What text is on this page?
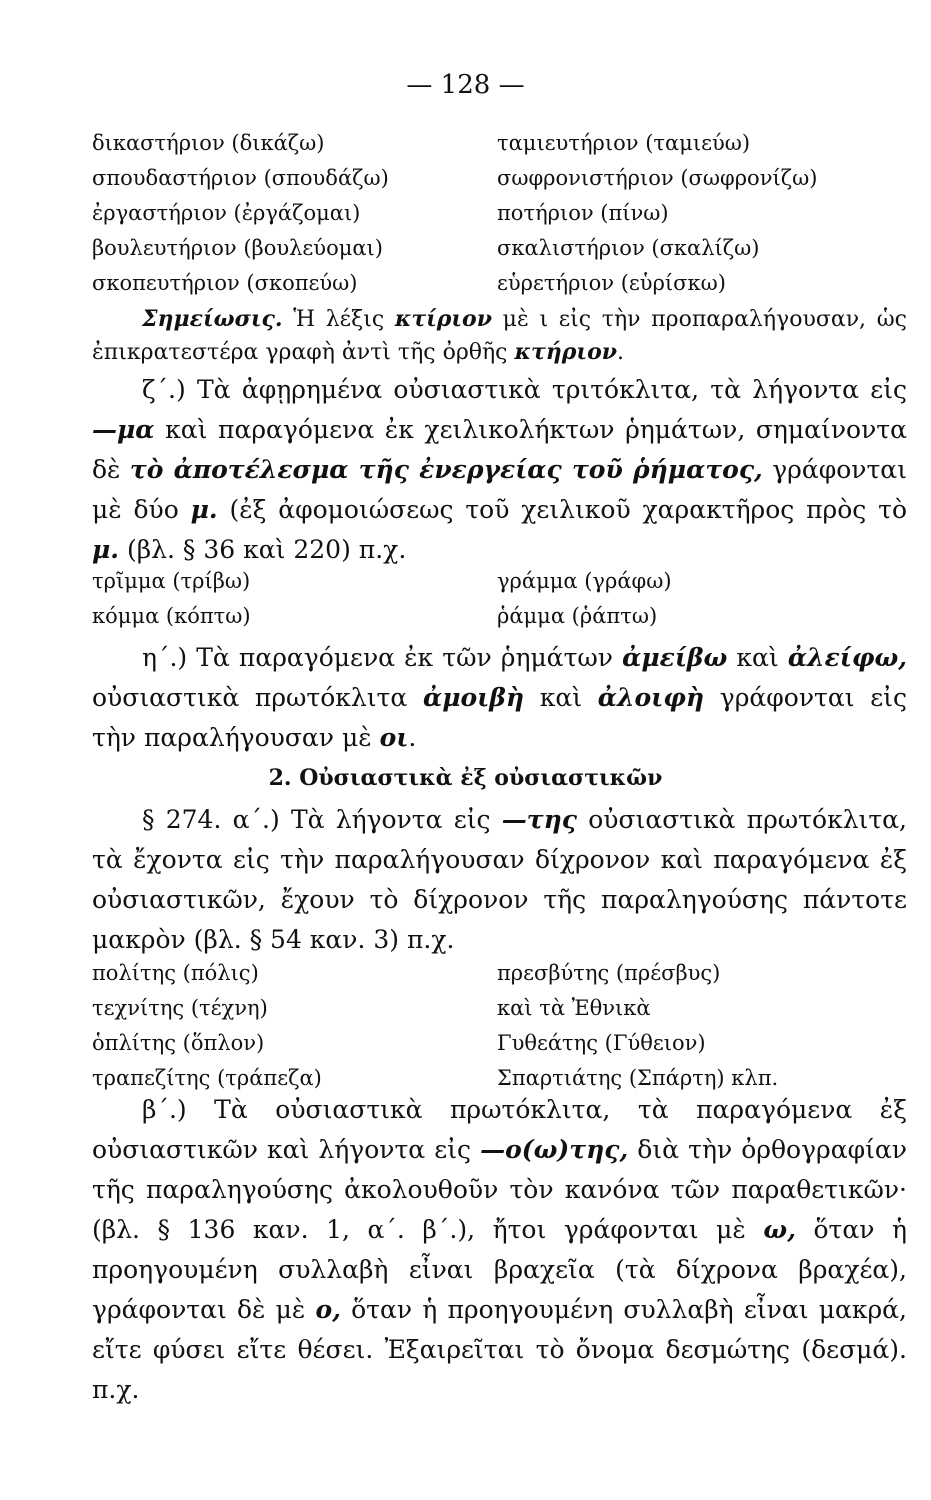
— 128 —
δικαστήριον (δικάζω)	ταμιευτήριον (ταμιεύω)
σπουδαστήριον (σπουδάζω)	σωφρονιστήριον (σωφρονίζω)
ἐργαστήριον (ἐργάζομαι)	ποτήριον (πίνω)
βουλευτήριον (βουλεύομαι)	σκαλιστήριον (σκαλίζω)
σκοπευτήριον (σκοπεύω)	εὑρετήριον (εὑρίσκω)
Σημείωσις. Ἡ λέξις κτίριον μὲ ι εἰς τὴν προπαραλήγουσαν, ὡς ἐπικρατεστέρα γραφὴ ἀντὶ τῆς ὀρθῆς κτήριον.
ζ΄.) Τὰ ἀφῃρημένα οὐσιαστικὰ τριτόκλιτα, τὰ λήγοντα εἰς —μα καὶ παραγόμενα ἐκ χειλικολήκτων ῥημάτων, σημαίνοντα δὲ τὸ ἀποτέλεσμα τῆς ἐνεργείας τοῦ ῥήματος, γράφονται μὲ δύο μ. (ἐξ ἀφομοιώσεως τοῦ χειλικοῦ χαρακτῆρος πρὸς τὸ μ. (βλ. § 36 καὶ 220) π.χ.
τρῖμμα (τρίβω)	γράμμα (γράφω)
κόμμα (κόπτω)	ῥάμμα (ῥάπτω)
η΄.) Τὰ παραγόμενα ἐκ τῶν ῥημάτων ἀμείβω καὶ ἀλείφω, οὐσιαστικὰ πρωτόκλιτα ἀμοιβὴ καὶ ἀλοιφὴ γράφονται εἰς τὴν παραλήγουσαν μὲ οι.
2. Οὐσιαστικὰ ἐξ οὐσιαστικῶν
§ 274. α΄.) Τὰ λήγοντα εἰς —της οὐσιαστικὰ πρωτόκλιτα, τὰ ἔχοντα εἰς τὴν παραλήγουσαν δίχρονον καὶ παραγόμενα ἐξ οὐσιαστικῶν, ἔχουν τὸ δίχρονον τῆς παραληγούσης πάντοτε μακρὸν (βλ. § 54 καν. 3) π.χ.
πολίτης (πόλις)	πρεσβύτης (πρέσβυς)
τεχνίτης (τέχνη)	καὶ τὰ Ἐθνικὰ
ὁπλίτης (ὅπλον)	Γυθεάτης (Γύθειον)
τραπεζίτης (τράπεζα)	Σπαρτιάτης (Σπάρτη) κλπ.
β΄.) Τὰ οὐσιαστικὰ πρωτόκλιτα, τὰ παραγόμενα ἐξ οὐσιαστικῶν καὶ λήγοντα εἰς —ο(ω)της, διὰ τὴν ὀρθογραφίαν τῆς παραληγούσης ἀκολουθοῦν τὸν κανόνα τῶν παραθετικῶν· (βλ. § 136 καν. 1, α΄. β΄.), ἤτοι γράφονται μὲ ω, ὅταν ἡ προηγουμένη συλλαβὴ εἶναι βραχεῖα (τὰ δίχρονα βραχέα), γράφονται δὲ μὲ ο, ὅταν ἡ προηγουμένη συλλαβὴ εἶναι μακρά, εἴτε φύσει εἴτε θέσει. Ἐξαιρεῖται τὸ ὄνομα δεσμώτης (δεσμά). π.χ.
